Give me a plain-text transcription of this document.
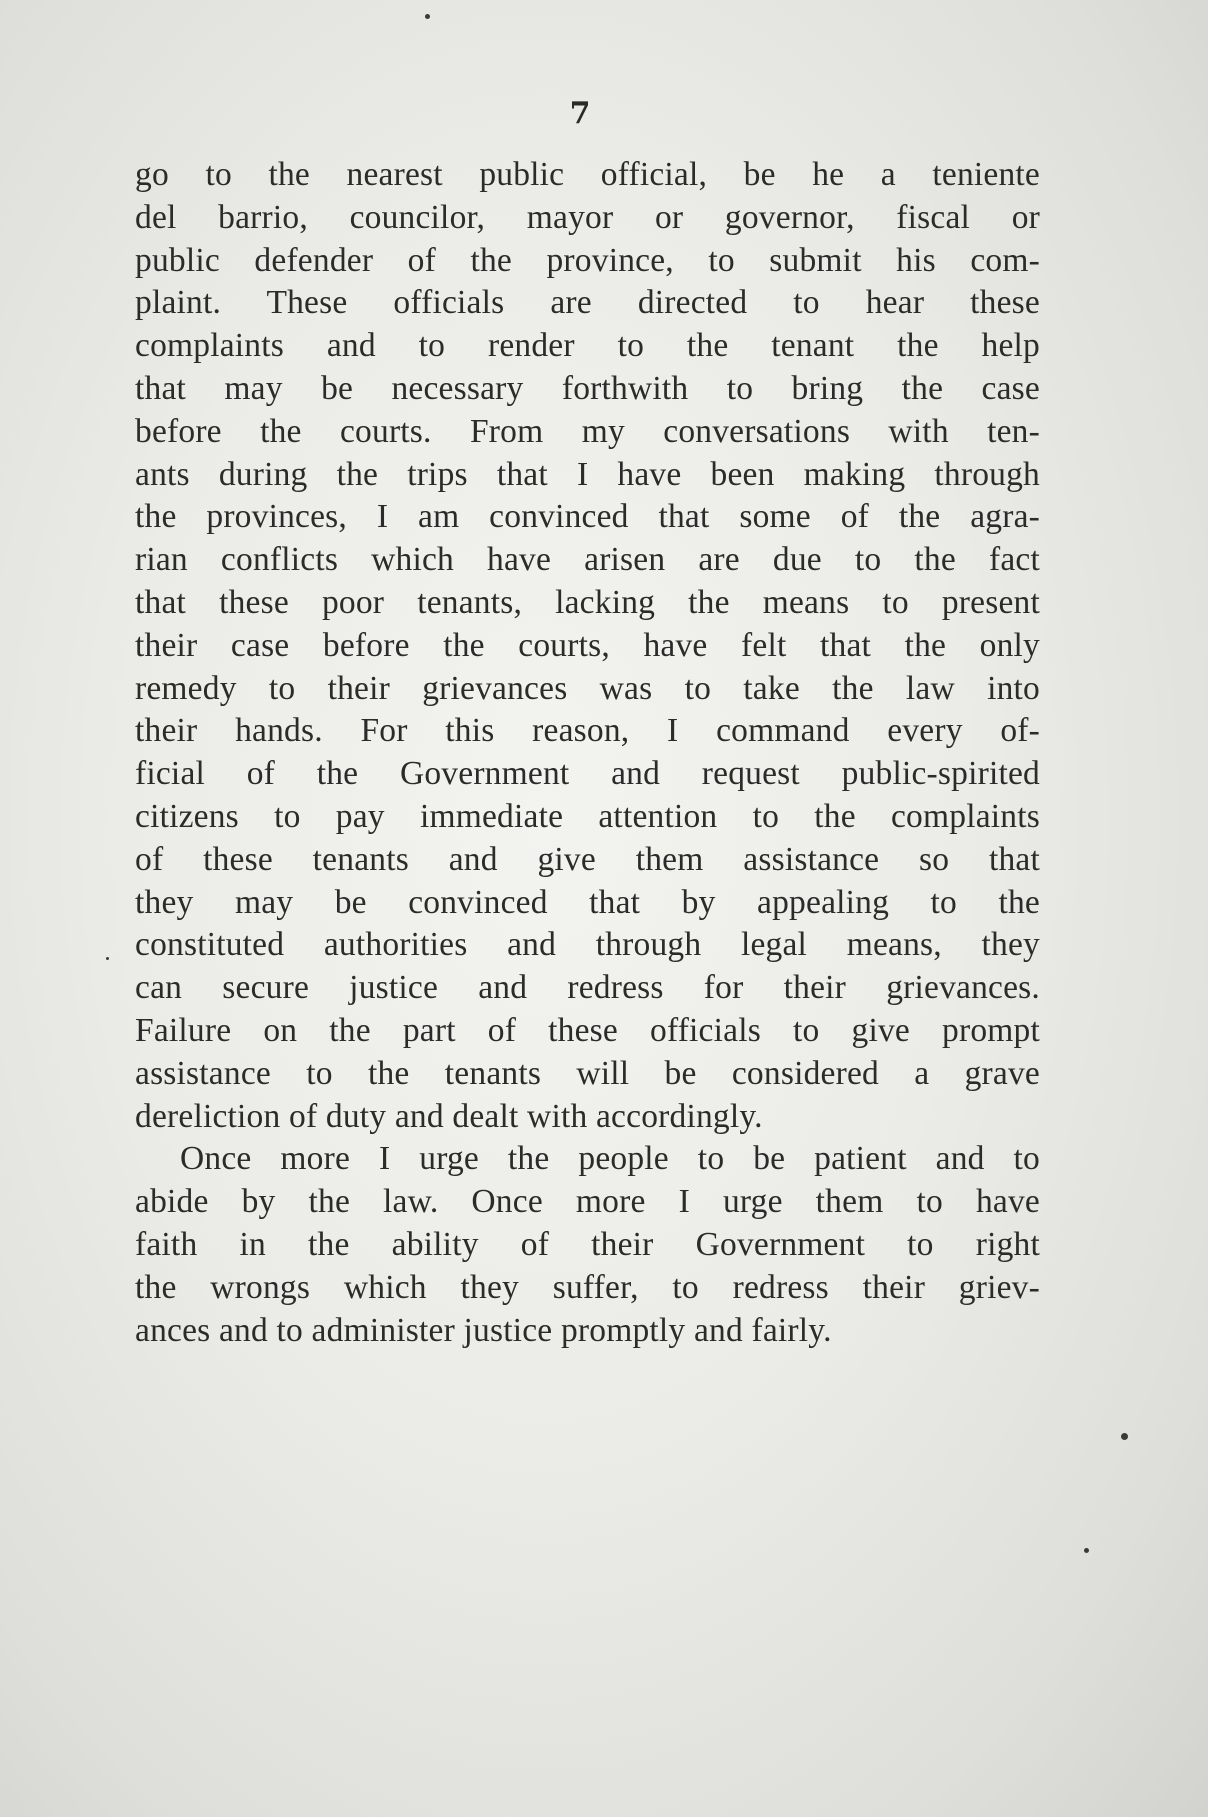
7
go to the nearest public official, be he a teniente
del barrio, councilor, mayor or governor, fiscal or
public defender of the province, to submit his com-
plaint. These officials are directed to hear these
complaints and to render to the tenant the help
that may be necessary forthwith to bring the case
before the courts. From my conversations with ten-
ants during the trips that I have been making through
the provinces, I am convinced that some of the agra-
rian conflicts which have arisen are due to the fact
that these poor tenants, lacking the means to present
their case before the courts, have felt that the only
remedy to their grievances was to take the law into
their hands. For this reason, I command every of-
ficial of the Government and request public-spirited
citizens to pay immediate attention to the complaints
of these tenants and give them assistance so that
they may be convinced that by appealing to the
constituted authorities and through legal means, they
can secure justice and redress for their grievances.
Failure on the part of these officials to give prompt
assistance to the tenants will be considered a grave
dereliction of duty and dealt with accordingly.
Once more I urge the people to be patient and to
abide by the law. Once more I urge them to have
faith in the ability of their Government to right
the wrongs which they suffer, to redress their griev-
ances and to administer justice promptly and fairly.
